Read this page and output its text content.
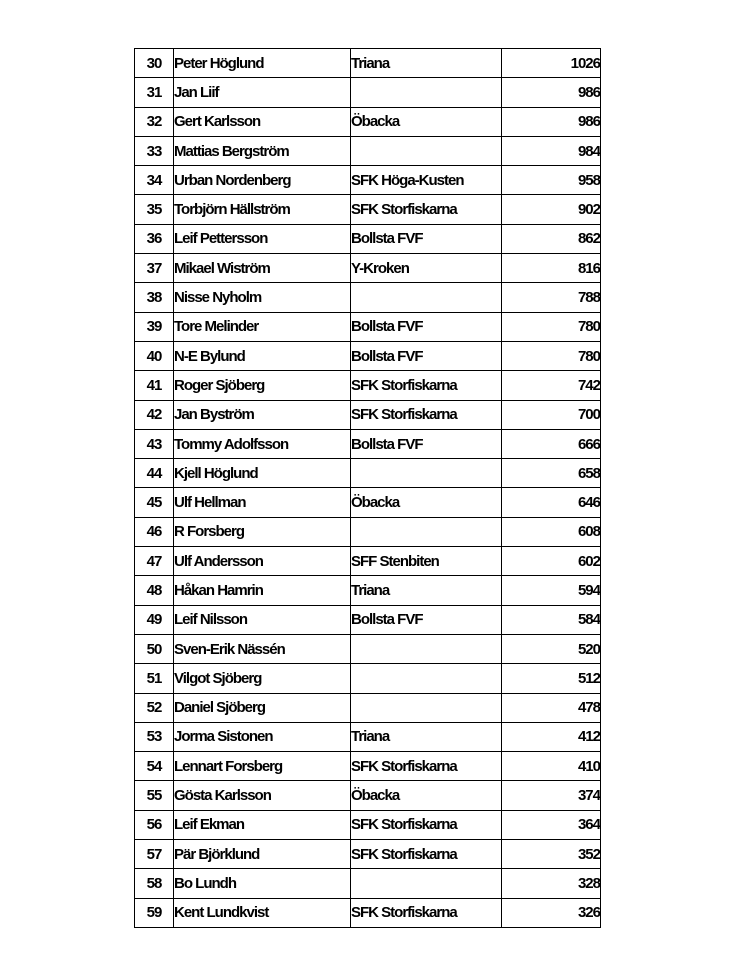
30	Peter Höglund	Triana	1026
31	Jan Liif		986
32	Gert Karlsson	Öbacka	986
33	Mattias Bergström		984
34	Urban Nordenberg	SFK Höga-Kusten	958
35	Torbjörn Hällström	SFK Storfiskarna	902
36	Leif Pettersson	Bollsta FVF	862
37	Mikael Wiström	Y-Kroken	816
38	Nisse Nyholm		788
39	Tore Melinder	Bollsta FVF	780
40	N-E Bylund	Bollsta FVF	780
41	Roger Sjöberg	SFK Storfiskarna	742
42	Jan Byström	SFK Storfiskarna	700
43	Tommy Adolfsson	Bollsta FVF	666
44	Kjell Höglund		658
45	Ulf Hellman	Öbacka	646
46	R Forsberg		608
47	Ulf Andersson	SFF Stenbiten	602
48	Håkan Hamrin	Triana	594
49	Leif Nilsson	Bollsta FVF	584
50	Sven-Erik Nässén		520
51	Vilgot Sjöberg		512
52	Daniel Sjöberg		478
53	Jorma Sistonen	Triana	412
54	Lennart Forsberg	SFK Storfiskarna	410
55	Gösta Karlsson	Öbacka	374
56	Leif Ekman	SFK Storfiskarna	364
57	Pär Björklund	SFK Storfiskarna	352
58	Bo Lundh		328
59	Kent Lundkvist	SFK Storfiskarna	326
